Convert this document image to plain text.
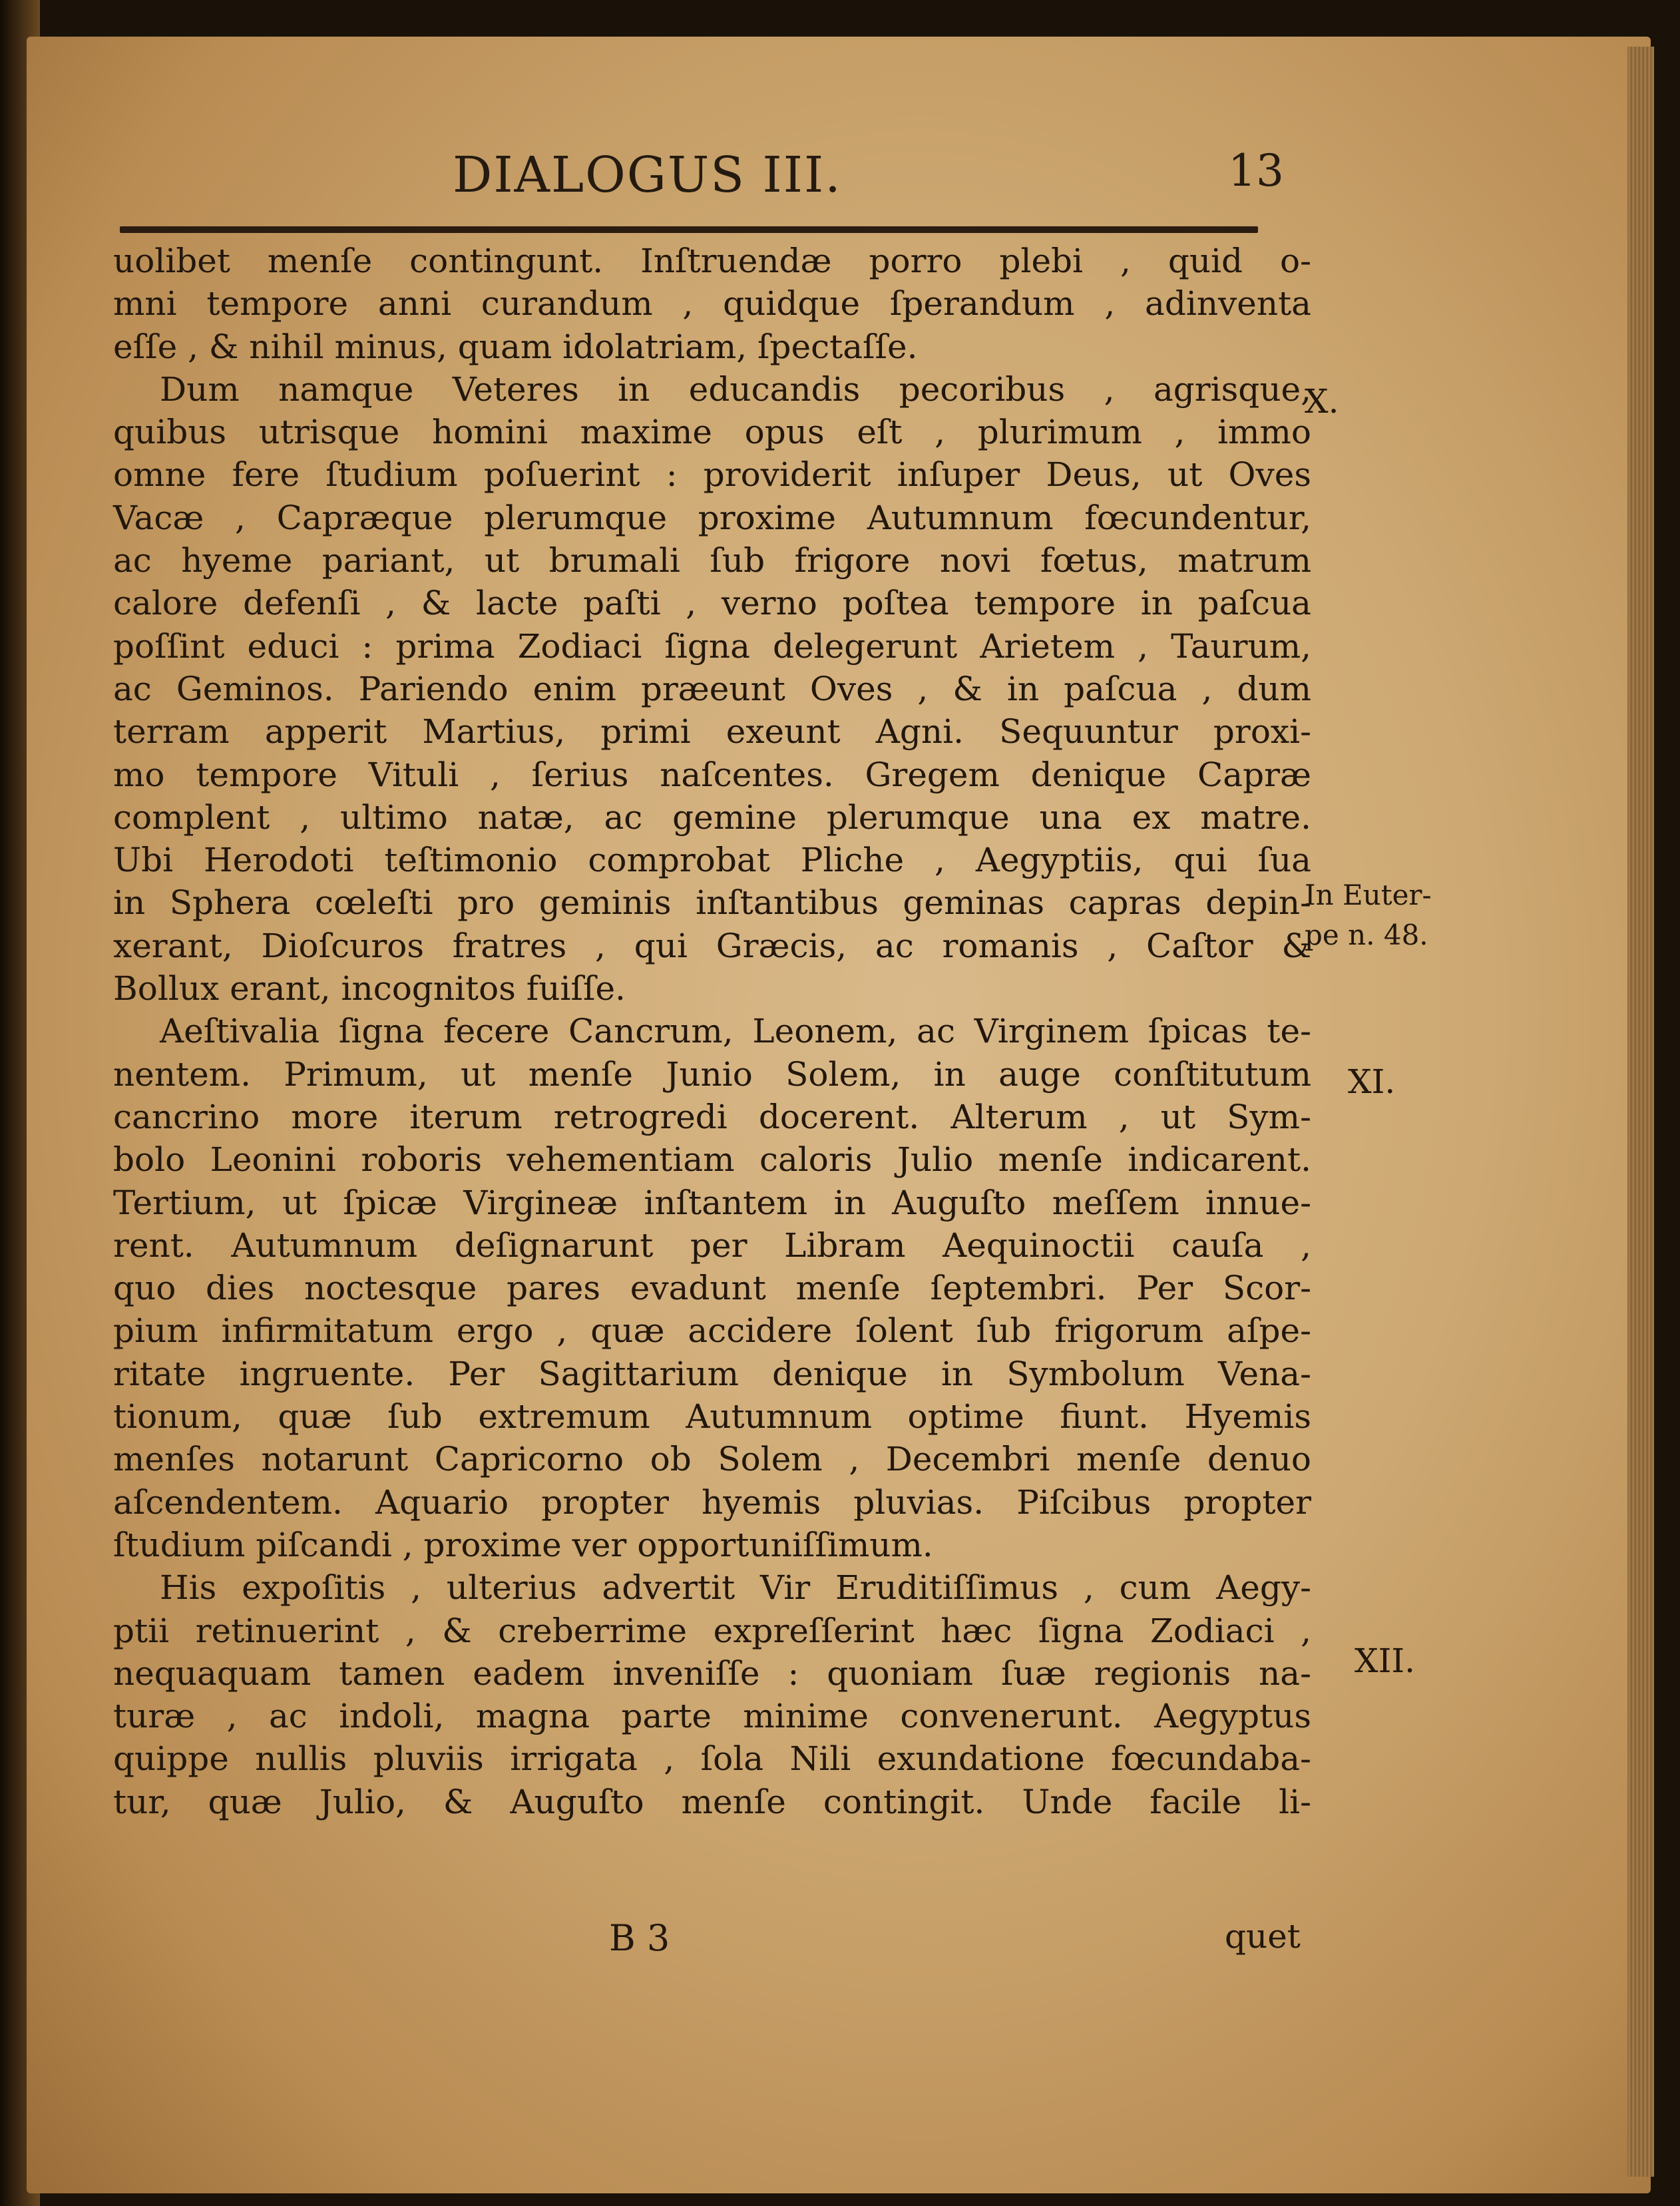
DIALOGUS III.	13
uolibet menſe contingunt. Inſtruendæ porro plebi , quid o-
mni tempore anni curandum , quidque ſperandum , adinventa
eſſe , & nihil minus, quam idolatriam, ſpectaſſe.
Dum namque Veteres in educandis pecoribus , agrisque,
quibus utrisque homini maxime opus eſt , plurimum , immo
omne fere ſtudium poſuerint : providerit inſuper Deus, ut Oves
Vacæ , Capræque plerumque proxime Autumnum fœcundentur,
ac hyeme pariant, ut brumali ſub frigore novi fœtus, matrum
calore defenſi , & lacte paſti , verno poſtea tempore in paſcua
poſſint educi : prima Zodiaci ſigna delegerunt Arietem , Taurum,
ac Geminos. Pariendo enim præeunt Oves , & in paſcua , dum
terram apperit Martius, primi exeunt Agni. Sequuntur proxi-
mo tempore Vituli , ſerius naſcentes. Gregem denique Capræ
complent , ultimo natæ, ac gemine plerumque una ex matre.
Ubi Herodoti teſtimonio comprobat Pliche , Aegyptiis, qui ſua
in Sphera cœleſti pro geminis inſtantibus geminas capras depin-
xerant, Dioſcuros fratres , qui Græcis, ac romanis , Caſtor &
Bollux erant, incognitos fuiſſe.
Aeſtivalia ſigna fecere Cancrum, Leonem, ac Virginem ſpicas te-
nentem. Primum, ut menſe Junio Solem, in auge conſtitutum
cancrino more iterum retrogredi docerent. Alterum , ut Sym-
bolo Leonini roboris vehementiam caloris Julio menſe indicarent.
Tertium, ut ſpicæ Virgineæ inſtantem in Auguſto meſſem innue-
rent. Autumnum deſignarunt per Libram Aequinoctii cauſa ,
quo dies noctesque pares evadunt menſe ſeptembri. Per Scor-
pium infirmitatum ergo , quæ accidere ſolent ſub frigorum aſpe-
ritate ingruente. Per Sagittarium denique in Symbolum Vena-
tionum, quæ ſub extremum Autumnum optime fiunt. Hyemis
menſes notarunt Capricorno ob Solem , Decembri menſe denuo
aſcendentem. Aquario propter hyemis pluvias. Piſcibus propter
ſtudium piſcandi , proxime ver opportuniſſimum.
His expoſitis , ulterius advertit Vir Eruditiſſimus , cum Aegy-
ptii retinuerint , & creberrime expreſſerint hæc ſigna Zodiaci ,
nequaquam tamen eadem inveniſſe : quoniam ſuæ regionis na-
turæ , ac indoli, magna parte minime convenerunt. Aegyptus
quippe nullis pluviis irrigata , ſola Nili exundatione fœcundaba-
tur, quæ Julio, & Auguſto menſe contingit. Unde facile li-
X.
In Euter-
pe n. 48.
XI.
XII.
B 3	quet
